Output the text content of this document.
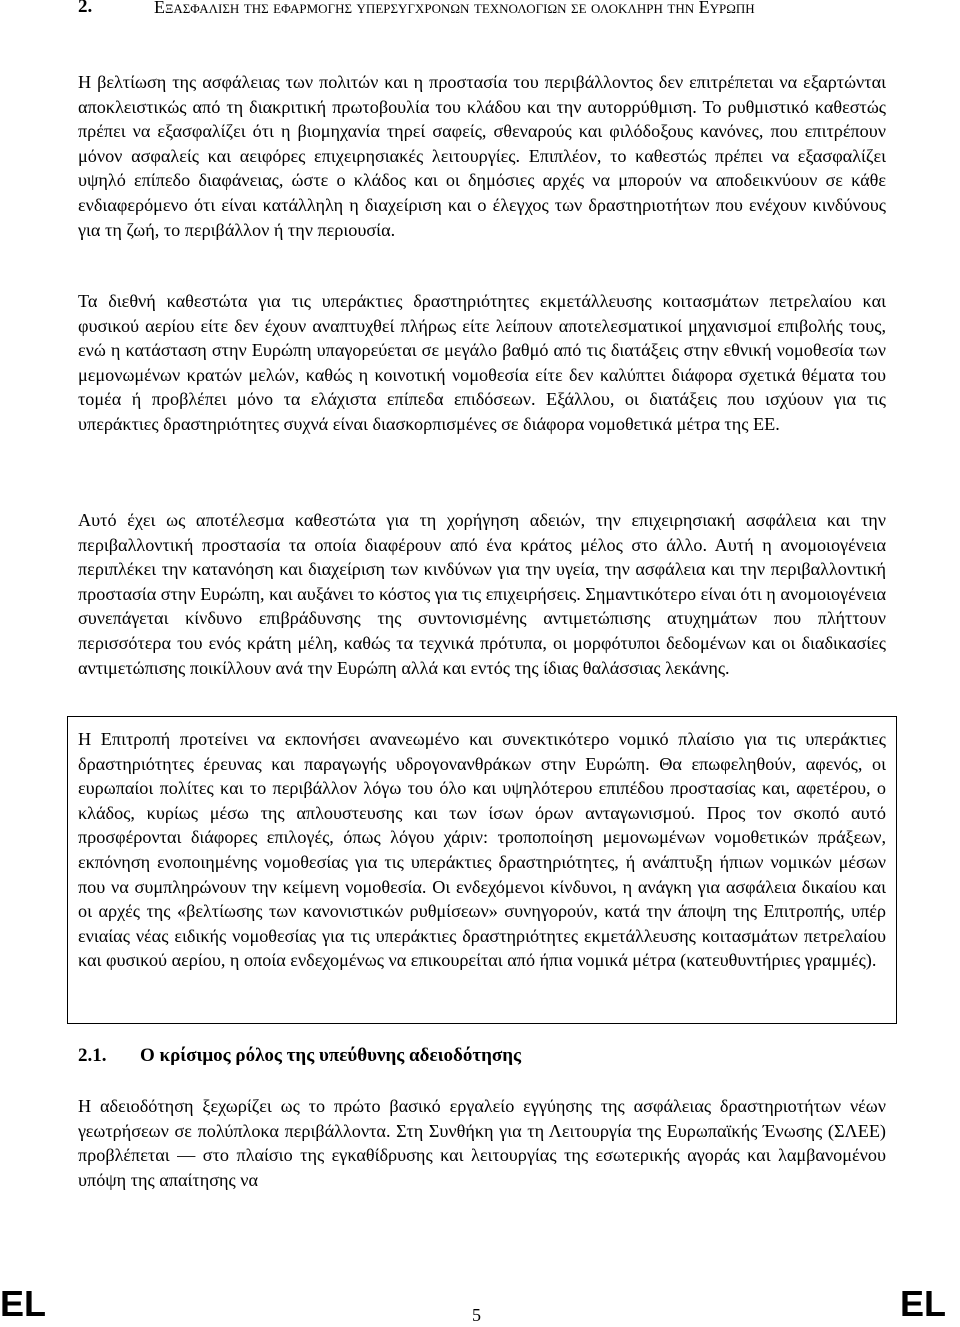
2.	Εξασφαλιση της εφαρμογης υπερσυγχρονων τεχνολογιων σε ολοκληρη την Ευρωπη

Η βελτίωση της ασφάλειας των πολιτών και η προστασία του περιβάλλοντος δεν επιτρέπεται να εξαρτώνται αποκλειστικώς από τη διακριτική πρωτοβουλία του κλάδου και την αυτορρύθμιση. Το ρυθμιστικό καθεστώς πρέπει να εξασφαλίζει ότι η βιομηχανία τηρεί σαφείς, σθεναρούς και φιλόδοξους κανόνες, που επιτρέπουν μόνον ασφαλείς και αειφόρες επιχειρησιακές λειτουργίες. Επιπλέον, το καθεστώς πρέπει να εξασφαλίζει υψηλό επίπεδο διαφάνειας, ώστε ο κλάδος και οι δημόσιες αρχές να μπορούν να αποδεικνύουν σε κάθε ενδιαφερόμενο ότι είναι κατάλληλη η διαχείριση και ο έλεγχος των δραστηριοτήτων που ενέχουν κινδύνους για τη ζωή, το περιβάλλον ή την περιουσία.

Τα διεθνή καθεστώτα για τις υπεράκτιες δραστηριότητες εκμετάλλευσης κοιτασμάτων πετρελαίου και φυσικού αερίου είτε δεν έχουν αναπτυχθεί πλήρως είτε λείπουν αποτελεσματικοί μηχανισμοί επιβολής τους, ενώ η κατάσταση στην Ευρώπη υπαγορεύεται σε μεγάλο βαθμό από τις διατάξεις στην εθνική νομοθεσία των μεμονωμένων κρατών μελών, καθώς η κοινοτική νομοθεσία είτε δεν καλύπτει διάφορα σχετικά θέματα του τομέα ή προβλέπει μόνο τα ελάχιστα επίπεδα επιδόσεων. Εξάλλου, οι διατάξεις που ισχύουν για τις υπεράκτιες δραστηριότητες συχνά είναι διασκορπισμένες σε διάφορα νομοθετικά μέτρα της ΕΕ.

Αυτό έχει ως αποτέλεσμα καθεστώτα για τη χορήγηση αδειών, την επιχειρησιακή ασφάλεια και την περιβαλλοντική προστασία τα οποία διαφέρουν από ένα κράτος μέλος στο άλλο. Αυτή η ανομοιογένεια περιπλέκει την κατανόηση και διαχείριση των κινδύνων για την υγεία, την ασφάλεια και την περιβαλλοντική προστασία στην Ευρώπη, και αυξάνει το κόστος για τις επιχειρήσεις. Σημαντικότερο είναι ότι η ανομοιογένεια συνεπάγεται κίνδυνο επιβράδυνσης της συντονισμένης αντιμετώπισης ατυχημάτων που πλήττουν περισσότερα του ενός κράτη μέλη, καθώς τα τεχνικά πρότυπα, οι μορφότυποι δεδομένων και οι διαδικασίες αντιμετώπισης ποικίλλουν ανά την Ευρώπη αλλά και εντός της ίδιας θαλάσσιας λεκάνης.

Η Επιτροπή προτείνει να εκπονήσει ανανεωμένο και συνεκτικότερο νομικό πλαίσιο για τις υπεράκτιες δραστηριότητες έρευνας και παραγωγής υδρογονανθράκων στην Ευρώπη. Θα επωφεληθούν, αφενός, οι ευρωπαίοι πολίτες και το περιβάλλον λόγω του όλο και υψηλότερου επιπέδου προστασίας και, αφετέρου, ο κλάδος, κυρίως μέσω της απλουστευσης και των ίσων όρων ανταγωνισμού. Προς τον σκοπό αυτό προσφέρονται διάφορες επιλογές, όπως λόγου χάριν: τροποποίηση μεμονωμένων νομοθετικών πράξεων, εκπόνηση ενοποιημένης νομοθεσίας για τις υπεράκτιες δραστηριότητες, ή ανάπτυξη ήπιων νομικών μέσων που να συμπληρώνουν την κείμενη νομοθεσία. Οι ενδεχόμενοι κίνδυνοι, η ανάγκη για ασφάλεια δικαίου και οι αρχές της «βελτίωσης των κανονιστικών ρυθμίσεων» συνηγορούν, κατά την άποψη της Επιτροπής, υπέρ ενιαίας νέας ειδικής νομοθεσίας για τις υπεράκτιες δραστηριότητες εκμετάλλευσης κοιτασμάτων πετρελαίου και φυσικού αερίου, η οποία ενδεχομένως να επικουρείται από ήπια νομικά μέτρα (κατευθυντήριες γραμμές).

2.1. Ο κρίσιμος ρόλος της υπεύθυνης αδειοδότησης

Η αδειοδότηση ξεχωρίζει ως το πρώτο βασικό εργαλείο εγγύησης της ασφάλειας δραστηριοτήτων νέων γεωτρήσεων σε πολύπλοκα περιβάλλοντα. Στη Συνθήκη για τη Λειτουργία της Ευρωπαϊκής Ένωσης (ΣΛΕΕ) προβλέπεται — στο πλαίσιο της εγκαθίδρυσης και λειτουργίας της εσωτερικής αγοράς και λαμβανομένου υπόψη της απαίτησης να

EL	5	EL
